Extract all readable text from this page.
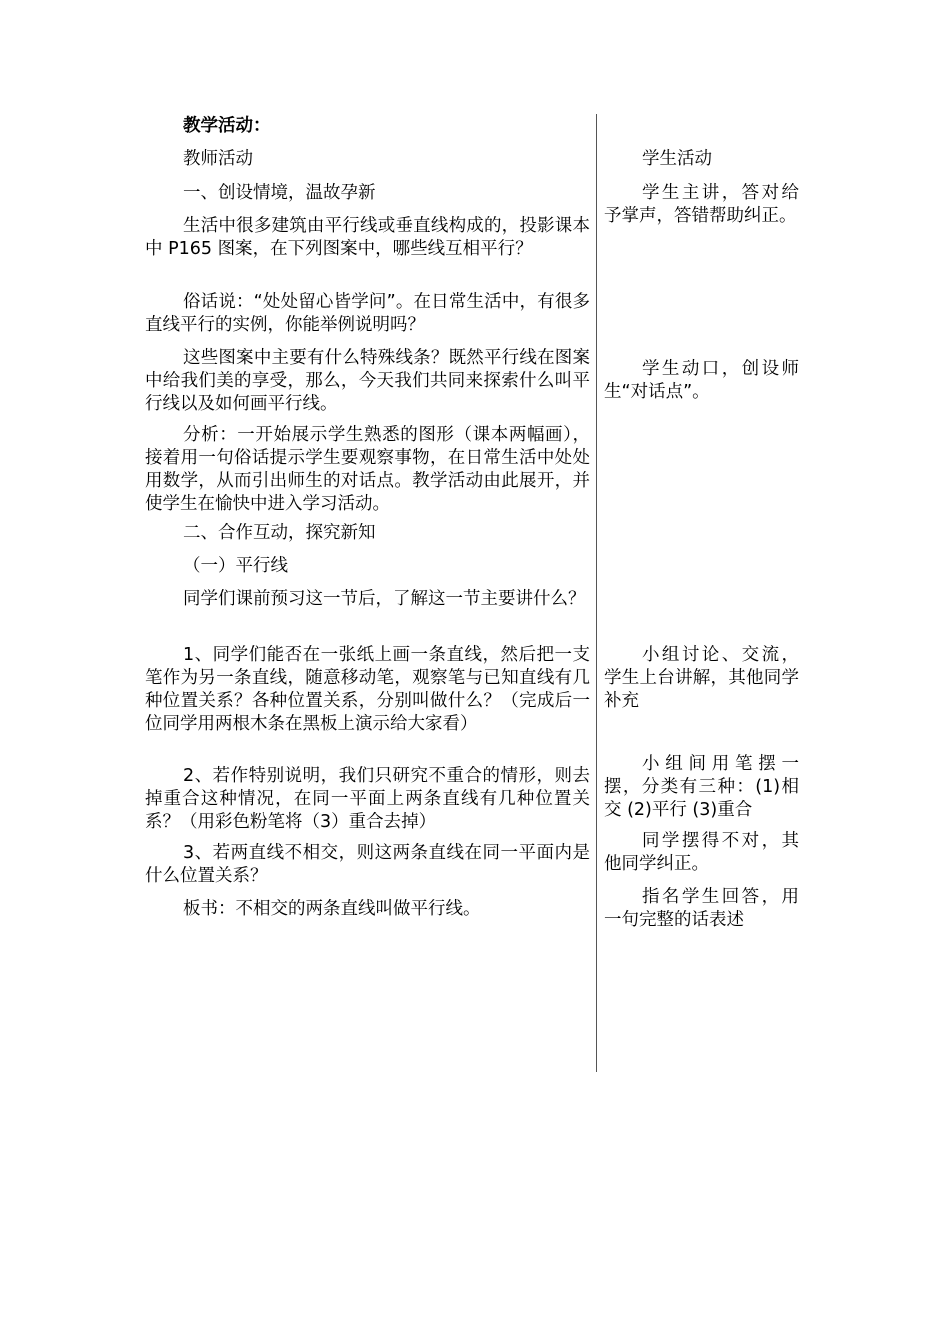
教学活动：
教师活动
一、创设情境，温故孕新
生活中很多建筑由平行线或垂直线构成的，投影课本中 P165 图案，在下列图案中，哪些线互相平行？
俗话说：“处处留心皆学问”。在日常生活中，有很多直线平行的实例，你能举例说明吗？
这些图案中主要有什么特殊线条？既然平行线在图案中给我们美的享受，那么，今天我们共同来探索什么叫平行线以及如何画平行线。
分析：一开始展示学生熟悉的图形（课本两幅画），接着用一句俗话提示学生要观察事物，在日常生活中处处用数学，从而引出师生的对话点。教学活动由此展开，并使学生在愉快中进入学习活动。
二、合作互动，探究新知
（一）平行线
同学们课前预习这一节后，了解这一节主要讲什么？
1、同学们能否在一张纸上画一条直线，然后把一支笔作为另一条直线，随意移动笔，观察笔与已知直线有几种位置关系？各种位置关系，分别叫做什么？（完成后一位同学用两根木条在黑板上演示给大家看）
2、若作特别说明，我们只研究不重合的情形，则去掉重合这种情况，在同一平面上两条直线有几种位置关系？（用彩色粉笔将（3）重合去掉）
3、若两直线不相交，则这两条直线在同一平面内是什么位置关系？
板书：不相交的两条直线叫做平行线。
学生活动
学生主讲，答对给予掌声，答错帮助纠正。
学生动口，创设师生“对话点”。
小组讨论、交流，学生上台讲解，其他同学补充
小组间用笔摆一摆，分类有三种：(1)相交 (2)平行 (3)重合
同学摆得不对，其他同学纠正。
指名学生回答，用一句完整的话表述
